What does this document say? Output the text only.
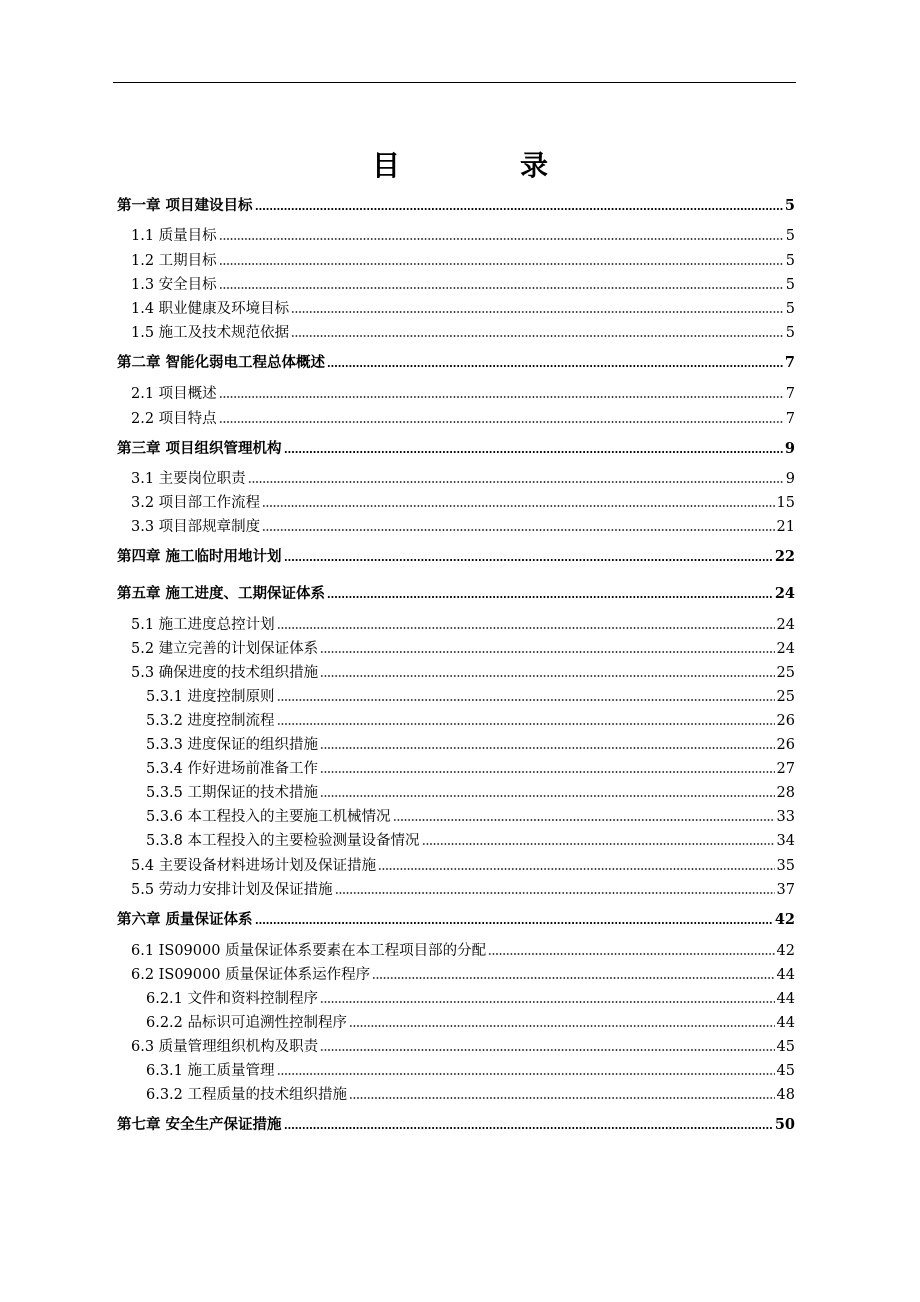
目　录
第一章 项目建设目标	5
1.1 质量目标	5
1.2 工期目标	5
1.3 安全目标	5
1.4 职业健康及环境目标	5
1.5 施工及技术规范依据	5
第二章 智能化弱电工程总体概述	7
2.1 项目概述	7
2.2 项目特点	7
第三章 项目组织管理机构	9
3.1 主要岗位职责	9
3.2 项目部工作流程	15
3.3 项目部规章制度	21
第四章 施工临时用地计划	22
第五章 施工进度、工期保证体系	24
5.1 施工进度总控计划	24
5.2 建立完善的计划保证体系	24
5.3 确保进度的技术组织措施	25
5.3.1 进度控制原则	25
5.3.2 进度控制流程	26
5.3.3 进度保证的组织措施	26
5.3.4 作好进场前准备工作	27
5.3.5 工期保证的技术措施	28
5.3.6 本工程投入的主要施工机械情况	33
5.3.8 本工程投入的主要检验测量设备情况	34
5.4 主要设备材料进场计划及保证措施	35
5.5 劳动力安排计划及保证措施	37
第六章 质量保证体系	42
6.1 IS09000 质量保证体系要素在本工程项目部的分配	42
6.2 IS09000 质量保证体系运作程序	44
6.2.1 文件和资料控制程序	44
6.2.2 品标识可追溯性控制程序	44
6.3 质量管理组织机构及职责	45
6.3.1 施工质量管理	45
6.3.2 工程质量的技术组织措施	48
第七章 安全生产保证措施	50
